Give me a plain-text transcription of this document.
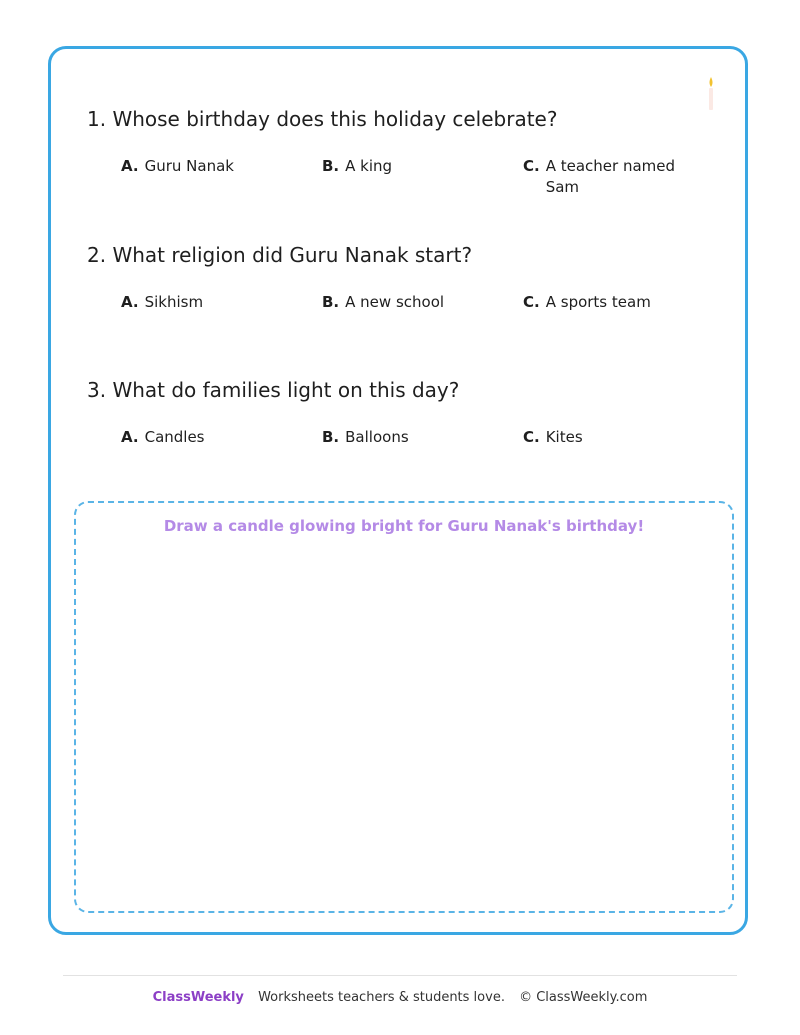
1. Whose birthday does this holiday celebrate?
A. Guru Nanak	B. A king	C. A teacher named Sam
2. What religion did Guru Nanak start?
A. Sikhism	B. A new school	C. A sports team
3. What do families light on this day?
A. Candles	B. Balloons	C. Kites

Draw a candle glowing bright for Guru Nanak's birthday!

ClassWeekly Worksheets teachers & students love. © ClassWeekly.com
